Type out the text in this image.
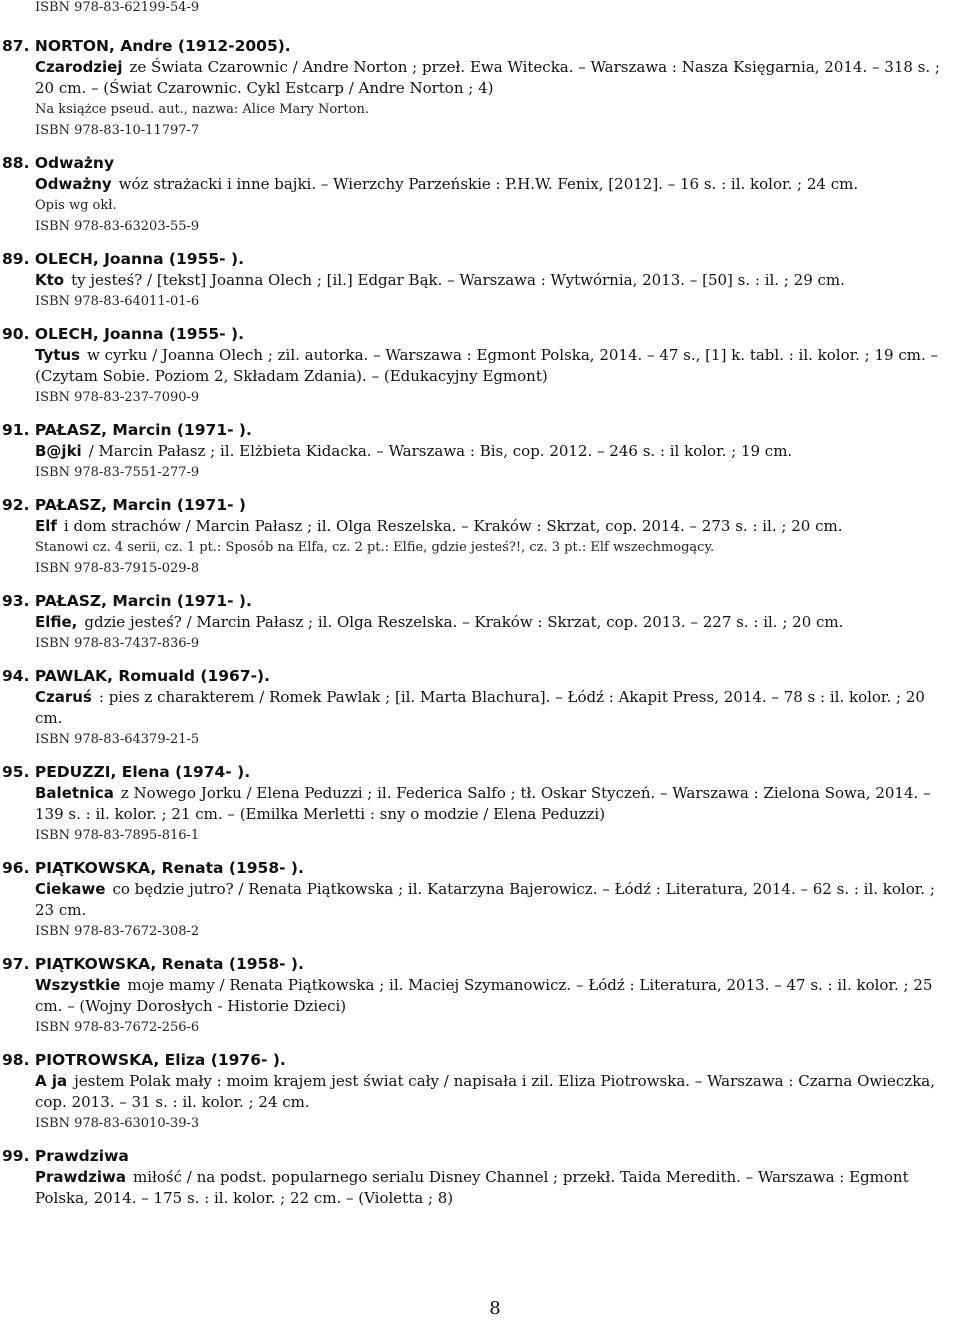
ISBN 978-83-62199-54-9
87. NORTON, Andre (1912-2005).
Czarodziej ze Świata Czarownic / Andre Norton ; przeł. Ewa Witecka. – Warszawa : Nasza Księgarnia, 2014. – 318 s. ; 20 cm. – (Świat Czarownic. Cykl Estcarp / Andre Norton ; 4)
Na książce pseud. aut., nazwa: Alice Mary Norton.
ISBN 978-83-10-11797-7
88. Odważny
Odważny wóz strażacki i inne bajki. – Wierzchy Parzeńskie : P.H.W. Fenix, [2012]. – 16 s. : il. kolor. ; 24 cm.
Opis wg okł.
ISBN 978-83-63203-55-9
89. OLECH, Joanna (1955- ).
Kto ty jesteś? / [tekst] Joanna Olech ; [il.] Edgar Bąk. – Warszawa : Wytwórnia, 2013. – [50] s. : il. ; 29 cm.
ISBN 978-83-64011-01-6
90. OLECH, Joanna (1955- ).
Tytus w cyrku / Joanna Olech ; zil. autorka. – Warszawa : Egmont Polska, 2014. – 47 s., [1] k. tabl. : il. kolor. ; 19 cm. – (Czytam Sobie. Poziom 2, Składam Zdania). – (Edukacyjny Egmont)
ISBN 978-83-237-7090-9
91. PAŁASZ, Marcin (1971- ).
B@jki / Marcin Pałasz ; il. Elżbieta Kidacka. – Warszawa : Bis, cop. 2012. – 246 s. : il kolor. ; 19 cm.
ISBN 978-83-7551-277-9
92. PAŁASZ, Marcin (1971- )
Elf i dom strachów / Marcin Pałasz ; il. Olga Reszelska. – Kraków : Skrzat, cop. 2014. – 273 s. : il. ; 20 cm.
Stanowi cz. 4 serii, cz. 1 pt.: Sposób na Elfa, cz. 2 pt.: Elfie, gdzie jesteś?!, cz. 3 pt.: Elf wszechmogący.
ISBN 978-83-7915-029-8
93. PAŁASZ, Marcin (1971- ).
Elfie, gdzie jesteś? / Marcin Pałasz ; il. Olga Reszelska. – Kraków : Skrzat, cop. 2013. – 227 s. : il. ; 20 cm.
ISBN 978-83-7437-836-9
94. PAWLAK, Romuald (1967-).
Czaruś : pies z charakterem / Romek Pawlak ; [il. Marta Blachura]. – Łódź : Akapit Press, 2014. – 78 s : il. kolor. ; 20 cm.
ISBN 978-83-64379-21-5
95. PEDUZZI, Elena (1974- ).
Baletnica z Nowego Jorku / Elena Peduzzi ; il. Federica Salfo ; tł. Oskar Styczeń. – Warszawa : Zielona Sowa, 2014. – 139 s. : il. kolor. ; 21 cm. – (Emilka Merletti : sny o modzie / Elena Peduzzi)
ISBN 978-83-7895-816-1
96. PIĄTKOWSKA, Renata (1958- ).
Ciekawe co będzie jutro? / Renata Piątkowska ; il. Katarzyna Bajerowicz. – Łódź : Literatura, 2014. – 62 s. : il. kolor. ; 23 cm.
ISBN 978-83-7672-308-2
97. PIĄTKOWSKA, Renata (1958- ).
Wszystkie moje mamy / Renata Piątkowska ; il. Maciej Szymanowicz. – Łódź : Literatura, 2013. – 47 s. : il. kolor. ; 25 cm. – (Wojny Dorosłych - Historie Dzieci)
ISBN 978-83-7672-256-6
98. PIOTROWSKA, Eliza (1976- ).
A ja jestem Polak mały : moim krajem jest świat cały / napisała i zil. Eliza Piotrowska. – Warszawa : Czarna Owieczka, cop. 2013. – 31 s. : il. kolor. ; 24 cm.
ISBN 978-83-63010-39-3
99. Prawdziwa
Prawdziwa miłość / na podst. popularnego serialu Disney Channel ; przekł. Taida Meredith. – Warszawa : Egmont Polska, 2014. – 175 s. : il. kolor. ; 22 cm. – (Violetta ; 8)
8
